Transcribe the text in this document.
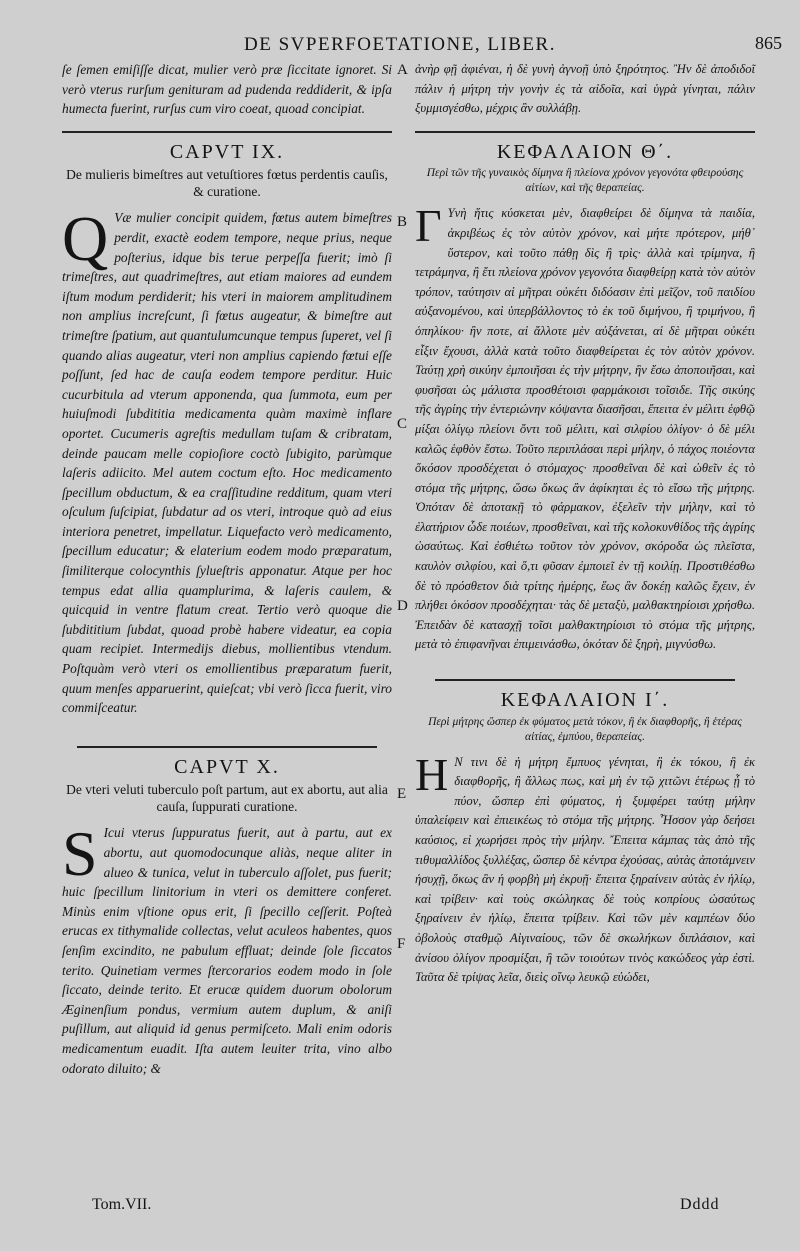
DE SVPERFOETATIONE, LIBER.	865
A
B
C
D
E
F

ſe ſemen emiſiſſe dicat, mulier verò præ ſiccitate ignoret. Si verò vterus rurſum genituram ad pudenda reddiderit, & ipſa humecta fuerint, rurſus cum viro coeat, quoad concipiat.

CAPVT IX.
De mulieris bimeſtres aut vetuſtiores fœtus perdentis cauſis, & curatione.

Q Væ mulier concipit quidem, fœtus autem bimeſtres perdit, exactè eodem tempore, neque prius, neque poſterius, idque bis terue perpeſſa fuerit; imò ſi trimeſtres, aut quadrimeſtres, aut etiam maiores ad eundem iſtum modum perdiderit; his vteri in maiorem amplitudinem non amplius increſcunt, ſi fœtus augeatur, & bimeſtre aut trimeſtre ſpatium, aut quantulumcunque tempus ſuperet, vel ſi quando alias augeatur, vteri non amplius capiendo fœtui eſſe poſſunt, ſed hac de cauſa eodem tempore perditur. Huic cucurbitula ad vterum apponenda, qua ſummota, eum per huiuſmodi ſubdititia medicamenta quàm maximè inflare oportet. Cucumeris agreſtis medullam tuſam & cribratam, deinde paucam melle copioſiore coctò ſubigito, parùmque laſeris adiicito. Mel autem coctum eſto. Hoc medicamento ſpecillum obductum, & ea craſſitudine redditum, quam vteri oſculum ſuſcipiat, ſubdatur ad os vteri, introque quò ad eius interiora penetret, impellatur. Liquefacto verò medicamento, ſpecillum educatur; & elaterium eodem modo præparatum, ſimiliterque colocynthis ſylueſtris apponatur. Atque per hoc tempus edat allia quamplurima, & laſeris caulem, & quicquid in ventre flatum creat. Tertio verò quoque die ſubdititium ſubdat, quoad probè habere videatur, ea copia quam recipiet. Intermedijs diebus, mollientibus vtendum. Poſtquàm verò vteri os emollientibus præparatum fuerit, quum menſes apparuerint, quieſcat; vbi verò ſicca fuerit, viro commiſceatur.

CAPVT X.
De vteri veluti tuberculo poſt partum, aut ex abortu, aut alia cauſa, ſuppurati curatione.

S Icui vterus ſuppuratus fuerit, aut à partu, aut ex abortu, aut quomodocunque aliàs, neque aliter in alueo & tunica, velut in tuberculo aſſolet, pus fuerit; huic ſpecillum linitorium in vteri os demittere conferet. Minùs enim vſtione opus erit, ſi ſpecillo ceſſerit. Poſteà erucas ex tithymalide collectas, velut aculeos habentes, quos ſenſim excindito, ne pabulum effluat; deinde ſole ſiccatos terito. Quinetiam vermes ſtercorarios eodem modo in ſole ſiccato, deinde terito. Et erucæ quidem duorum obolorum Æginenſium pondus, vermium autem duplum, & aniſi puſillum, aut aliquid id genus permiſceto. Mali enim odoris medicamentum euadit. Iſta autem leuiter trita, vino albo odorato diluito; &

ἀνὴρ φῇ ἀφιέναι, ἡ δὲ γυνὴ ἀγνοῇ ὑπὸ ξηρότητος. Ἢν δὲ ἀποδιδοῖ πάλιν ἡ μήτρη τὴν γονὴν ἐς τὰ αἰδοῖα, καὶ ὑγρὰ γίνηται, πάλιν ξυμμισγέσθω, μέχρις ἂν συλλάβῃ.

ΚΕΦΑΛΑΙΟΝ Θ΄.
Περὶ τῶν τῆς γυναικὸς δίμηνα ἢ πλείονα χρόνον γεγονότα φθειρούσης αἰτίων, καὶ τῆς θεραπείας.

Γ Υνὴ ἥτις κύσκεται μὲν, διαφθείρει δὲ δίμηνα τὰ παιδία, ἀκριβέως ἐς τὸν αὐτὸν χρόνον, καὶ μήτε πρότερον, μήθ᾽ ὕστερον, καὶ τοῦτο πάθῃ δὶς ἢ τρὶς· ἀλλὰ καὶ τρίμηνα, ἢ τετράμηνα, ἢ ἔτι πλείονα χρόνον γεγονότα διαφθείρῃ κατὰ τὸν αὐτὸν τρόπον, ταύτησιν αἱ μῆτραι οὐκέτι διδόασιν ἐπὶ μεῖζον, τοῦ παιδίου αὐξανομένου, καὶ ὑπερβάλλοντος τὸ ἐκ τοῦ διμήνου, ἢ τριμήνου, ἢ ὁπηλίκου· ἢν ποτε, αἱ ἄλλοτε μὲν αὐξάνεται, αἱ δὲ μῆτραι οὐκέτι εἶξιν ἔχουσι, ἀλλὰ κατὰ τοῦτο διαφθείρεται ἐς τὸν αὐτὸν χρόνον. Ταύτῃ χρὴ σικύην ἐμποιῆσαι ἐς τὴν μήτρην, ἢν ἔσω ἀποποιῆσαι, καὶ φυσῆσαι ὡς μάλιστα προσθέτοισι φαρμάκοισι τοῖσιδε. Τῆς σικύης τῆς ἀγρίης τὴν ἐντεριώνην κόψαντα διασῆσαι, ἔπειτα ἐν μέλιτι ἑφθῷ μίξαι ὀλίγῳ πλείονι ὄντι τοῦ μέλιτι, καὶ σιλφίου ὀλίγον· ὁ δὲ μέλι καλῶς ἑφθὸν ἔστω. Τοῦτο περιπλάσαι περὶ μήλην, ὁ πάχος ποιέοντα ὅκόσον προσδέχεται ὁ στόμαχος· προσθεῖναι δὲ καὶ ὠθεῖν ἐς τὸ στόμα τῆς μήτρης, ὥσω ὅκως ἂν ἀφίκηται ἐς τὸ εἴσω τῆς μήτρης. Ὁπόταν δὲ ἀποτακῇ τὸ φάρμακον, ἐξελεῖν τὴν μήλην, καὶ τὸ ἐλατήριον ὧδε ποιέων, προσθεῖναι, καὶ τῆς κολοκυνθίδος τῆς ἀγρίης ὡσαύτως. Καὶ ἐσθιέτω τοῦτον τὸν χρόνον, σκόροδα ὡς πλεῖστα, καυλὸν σιλφίου, καὶ ὅ,τι φῦσαν ἐμποιεῖ ἐν τῇ κοιλίῃ. Προστιθέσθω δὲ τὸ πρόσθετον διὰ τρίτης ἡμέρης, ἕως ἂν δοκέῃ καλῶς ἔχειν, ἐν πλήθει ὁκόσον προσδέχηται· τὰς δὲ μεταξὺ, μαλθακτηρίοισι χρήσθω. Ἐπειδὰν δὲ κατασχῇ τοῖσι μαλθακτηρίοισι τὸ στόμα τῆς μήτρης, μετὰ τὸ ἐπιφανῆναι ἐπιμεινάσθω, ὁκόταν δὲ ξηρὴ, μιγνύσθω.

ΚΕΦΑΛΑΙΟΝ Ι΄.
Περὶ μήτρης ὥσπερ ἐκ φύματος μετὰ τόκον, ἢ ἐκ διαφθορῆς, ἢ ἑτέρας αἰτίας, ἐμπύου, θεραπείας.

Η Ν τινι δὲ ἡ μήτρη ἔμπυος γένηται, ἢ ἐκ τόκου, ἢ ἐκ διαφθορῆς, ἢ ἄλλως πως, καὶ μὴ ἐν τῷ χιτῶνι ἑτέρως ᾖ τὸ πύον, ὥσπερ ἐπὶ φύματος, ἡ ξυμφέρει ταύτῃ μήλην ὑπαλείφειν καὶ ἐπιεικέως τὸ στόμα τῆς μήτρης. Ἧσσον γὰρ δεήσει καύσιος, εἰ χωρήσει πρὸς τὴν μήλην. Ἔπειτα κάμπας τὰς ἀπὸ τῆς τιθυμαλλίδος ξυλλέξας, ὥσπερ δὲ κέντρα ἐχούσας, αὐτὰς ἀποτάμνειν ἡσυχῇ, ὅκως ἂν ἡ φορβὴ μὴ ἐκρυῇ· ἔπειτα ξηραίνειν αὐτὰς ἐν ἡλίῳ, καὶ τρίβειν· καὶ τοὺς σκώληκας δὲ τοὺς κοπρίους ὡσαύτως ξηραίνειν ἐν ἡλίῳ, ἔπειτα τρίβειν. Καὶ τῶν μὲν καμπέων δύο ὀβολοὺς σταθμῷ Αἰγιναίους, τῶν δὲ σκωλήκων διπλάσιον, καὶ ἀνίσου ὀλίγον προσμίξαι, ἢ τῶν τοιούτων τινὸς κακώδεος γὰρ ἐστὶ. Ταῦτα δὲ τρίψας λεῖα, διεὶς οἴνῳ λευκῷ εὐώδει,

Tom.VII.	Dddd
